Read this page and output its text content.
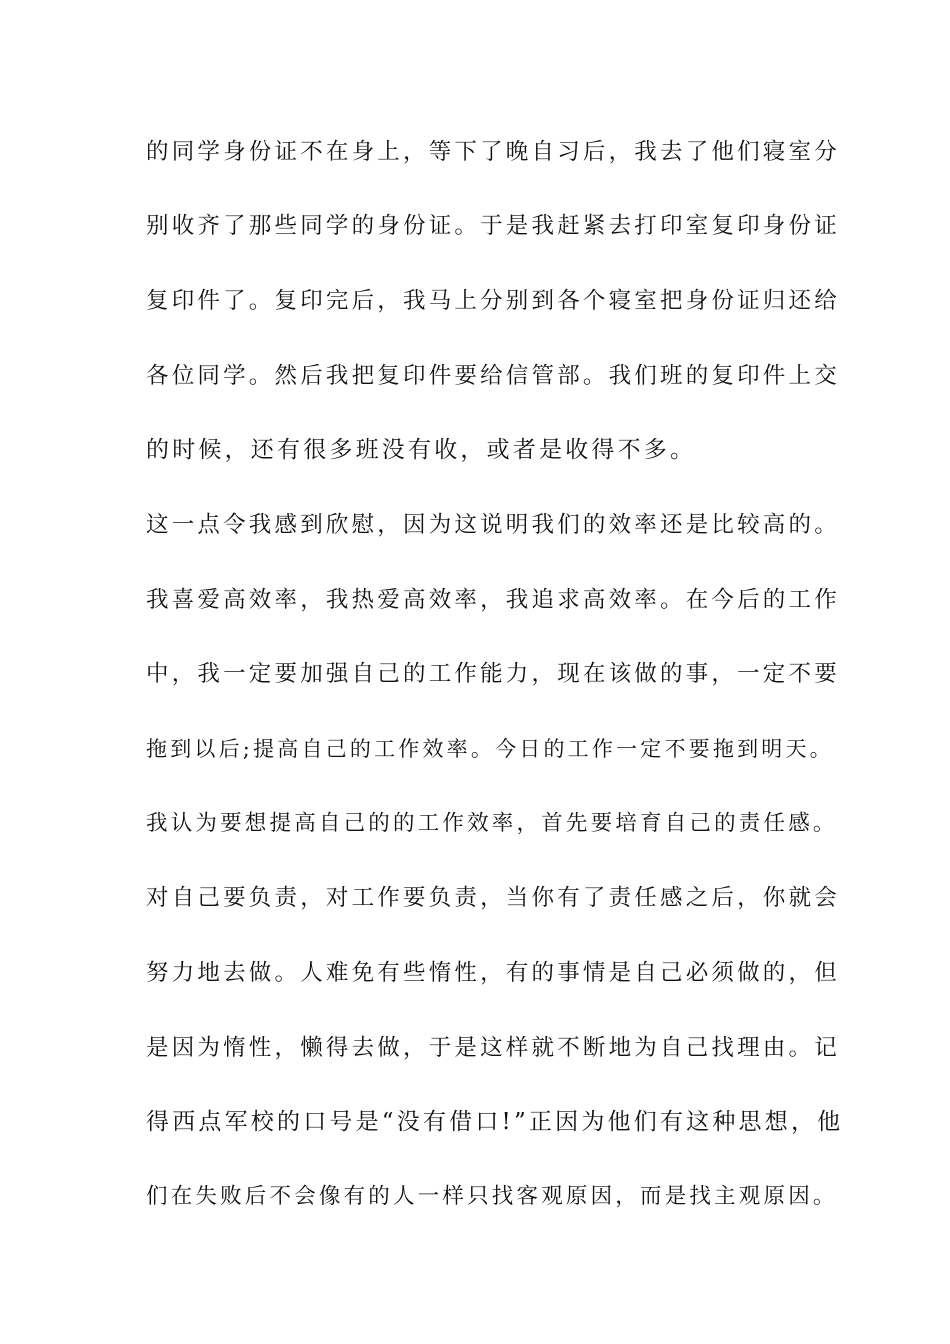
的同学身份证不在身上，等下了晚自习后，我去了他们寝室分
别收齐了那些同学的身份证。于是我赶紧去打印室复印身份证
复印件了。复印完后，我马上分别到各个寝室把身份证归还给
各位同学。然后我把复印件要给信管部。我们班的复印件上交
的时候，还有很多班没有收，或者是收得不多。
这一点令我感到欣慰，因为这说明我们的效率还是比较高的。
我喜爱高效率，我热爱高效率，我追求高效率。在今后的工作
中，我一定要加强自己的工作能力，现在该做的事，一定不要
拖到以后;提高自己的工作效率。今日的工作一定不要拖到明天。
我认为要想提高自己的的工作效率，首先要培育自己的责任感。
对自己要负责，对工作要负责，当你有了责任感之后，你就会
努力地去做。人难免有些惰性，有的事情是自己必须做的，但
是因为惰性，懒得去做，于是这样就不断地为自己找理由。记
得西点军校的口号是“没有借口!”正因为他们有这种思想，他
们在失败后不会像有的人一样只找客观原因，而是找主观原因。
